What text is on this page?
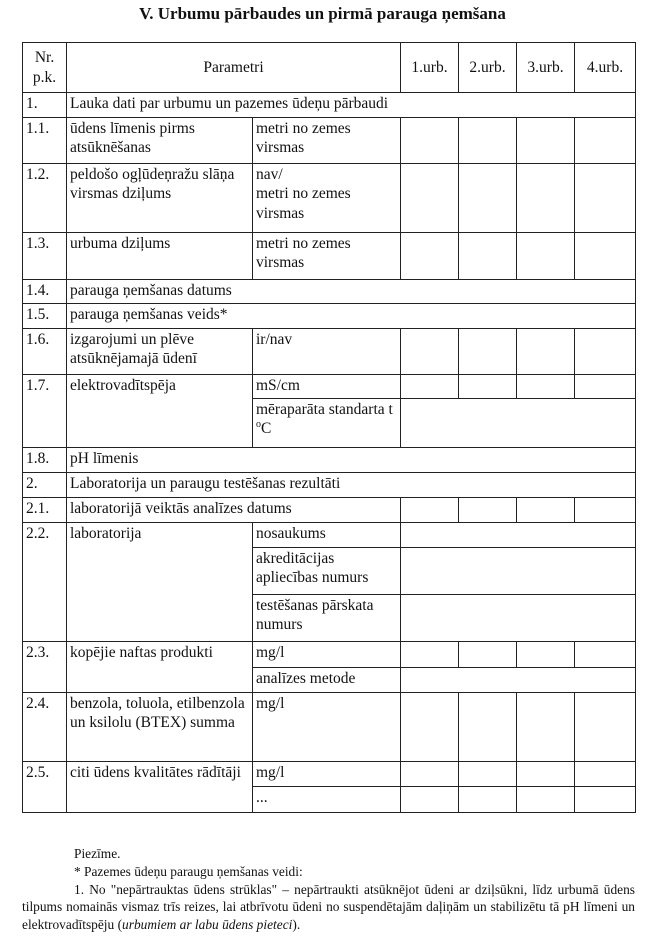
V. Urbumu pārbaudes un pirmā parauga ņemšana
Nr.
p.k.	Parametri		1.urb.	2.urb.	3.urb.	4.urb.
1.	Lauka dati par urbumu un pazemes ūdeņu pārbaudi					
1.1.	ūdens līmenis pirms atsūknēšanas	metri no zemes virsmas				
1.2.	peldošo ogļūdeņražu slāņa virsmas dziļums	nav/
metri no zemes virsmas				
1.3.	urbuma dziļums	metri no zemes virsmas				
1.4.	parauga ņemšanas datums					
1.5.	parauga ņemšanas veids*					
1.6.	izgarojumi un plēve atsūknējamajā ūdenī	ir/nav				
1.7.	elektrovadītspēja	mS/cm				
		mēraparāta standarta t $^o$C				
1.8.	pH līmenis					
2.	Laboratorija un paraugu testēšanas rezultāti					
2.1.	laboratorijā veiktās analīzes datums					
2.2.	laboratorija	nosaukums				
		akreditācijas apliecības numurs				
		testēšanas pārskata numurs				
2.3.	kopējie naftas produkti	mg/l				
		analīzes metode				
2.4.	benzola, toluola, etilbenzola un ksilolu (BTEX) summa	mg/l				
2.5.	citi ūdens kvalitātes rādītāji	mg/l				
		...				

Piezīme.

* Pazemes ūdeņu paraugu ņemšanas veidi:

1. No "nepārtrauktas ūdens strūklas" – nepārtraukti atsūknējot ūdeni ar dziļsūkni, līdz urbumā ūdens tilpums nomainās vismaz trīs reizes, lai atbrīvotu ūdeni no suspendētajām daļiņām un stabilizētu tā pH līmeni un elektrovadītspēju (urbumiem ar labu ūdens pieteci).
